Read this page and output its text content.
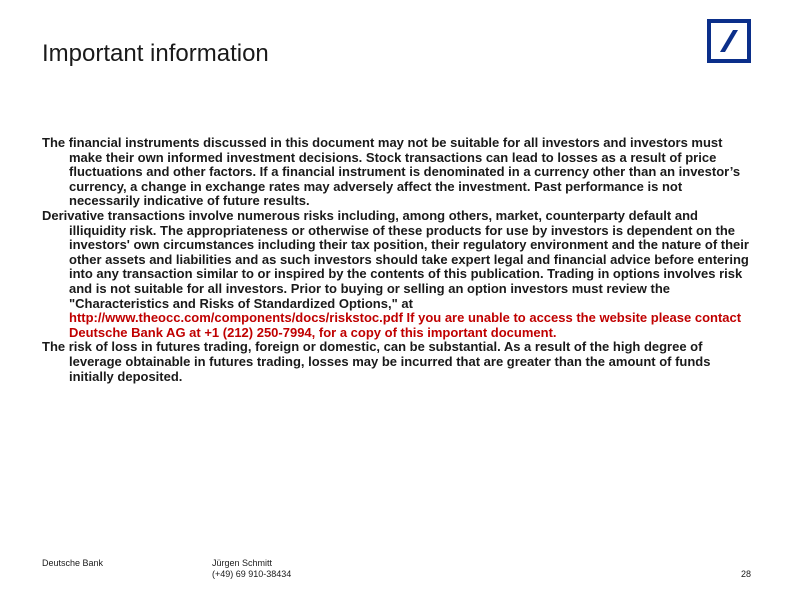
Important information

The financial instruments discussed in this document may not be suitable for all investors and investors must make their own informed investment decisions. Stock transactions can lead to losses as a result of price fluctuations and other factors. If a financial instrument is denominated in a currency other than an investor’s currency, a change in exchange rates may adversely affect the investment. Past performance is not necessarily indicative of future results.

Derivative transactions involve numerous risks including, among others, market, counterparty default and illiquidity risk. The appropriateness or otherwise of these products for use by investors is dependent on the investors' own circumstances including their tax position, their regulatory environment and the nature of their other assets and liabilities and as such investors should take expert legal and financial advice before entering into any transaction similar to or inspired by the contents of this publication. Trading in options involves risk and is not suitable for all investors. Prior to buying or selling an option investors must review the "Characteristics and Risks of Standardized Options," at
http://www.theocc.com/components/docs/riskstoc.pdf If you are unable to access the website please contact Deutsche Bank AG at +1 (212) 250-7994, for a copy of this important document.

The risk of loss in futures trading, foreign or domestic, can be substantial. As a result of the high degree of leverage obtainable in futures trading, losses may be incurred that are greater than the amount of funds initially deposited.

Deutsche Bank	Jürgen Schmitt
(+49) 69 910-38434	28
